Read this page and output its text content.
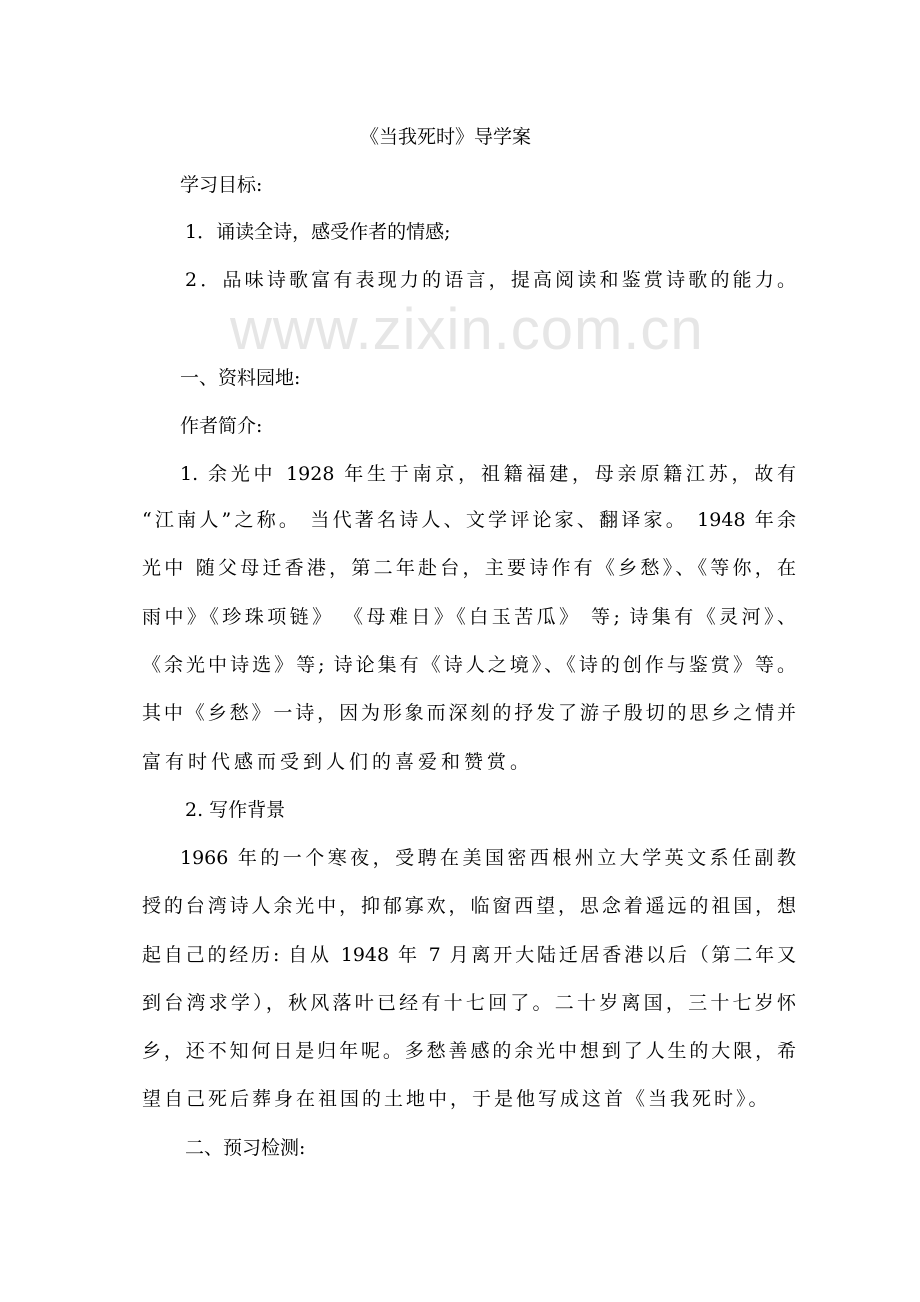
www.zixin.com.cn
《当我死时》导学案
学习目标:
1．诵读全诗，感受作者的情感;
2．品味诗歌富有表现力的语言，提高阅读和鉴赏诗歌的能力。
一、资料园地:
作者简介:
1. 余光中 1928 年生于南京，祖籍福建，母亲原籍江苏，故有
“江南人”之称。 当代著名诗人、文学评论家、翻译家。 1948 年余
光中 随父母迁香港，第二年赴台，主要诗作有《乡愁》、《等你，在
雨中》《珍珠项链》 《母难日》《白玉苦瓜》 等; 诗集有《灵河》、
《余光中诗选》等; 诗论集有《诗人之境》、《诗的创作与鉴赏》等。
其中《乡愁》一诗，因为形象而深刻的抒发了游子殷切的思乡之情并
富有时代感而受到人们的喜爱和赞赏。
2. 写作背景
1966 年的一个寒夜，受聘在美国密西根州立大学英文系任副教
授的台湾诗人余光中，抑郁寡欢，临窗西望，思念着遥远的祖国，想
起自己的经历: 自从 1948 年 7 月离开大陆迁居香港以后（第二年又
到台湾求学），秋风落叶已经有十七回了。二十岁离国，三十七岁怀
乡，还不知何日是归年呢。多愁善感的余光中想到了人生的大限，希
望自己死后葬身在祖国的土地中，于是他写成这首《当我死时》。
二、预习检测:
